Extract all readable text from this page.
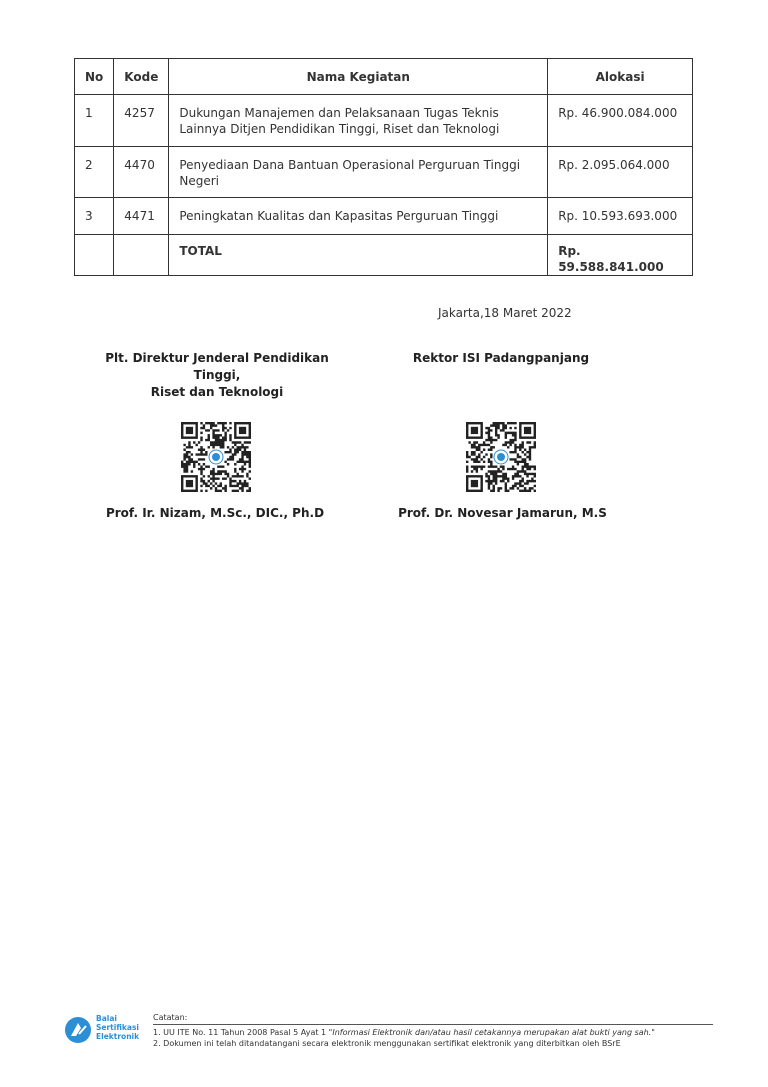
No	Kode	Nama Kegiatan	Alokasi
1	4257	Dukungan Manajemen dan Pelaksanaan Tugas Teknis Lainnya Ditjen Pendidikan Tinggi, Riset dan Teknologi	Rp. 46.900.084.000
2	4470	Penyediaan Dana Bantuan Operasional Perguruan Tinggi Negeri	Rp. 2.095.064.000
3	4471	Peningkatan Kualitas dan Kapasitas Perguruan Tinggi	Rp. 10.593.693.000
		TOTAL	Rp. 59.588.841.000
Jakarta,18 Maret 2022
Plt. Direktur Jenderal Pendidikan Tinggi,
Riset dan Teknologi
Rektor ISI Padangpanjang
Prof. Ir. Nizam, M.Sc., DIC., Ph.D	Prof. Dr. Novesar Jamarun, M.S
Balai
Sertifikasi
Elektronik
Catatan:
1. UU ITE No. 11 Tahun 2008 Pasal 5 Ayat 1 "Informasi Elektronik dan/atau hasil cetakannya merupakan alat bukti yang sah."
2. Dokumen ini telah ditandatangani secara elektronik menggunakan sertifikat elektronik yang diterbitkan oleh BSrE
